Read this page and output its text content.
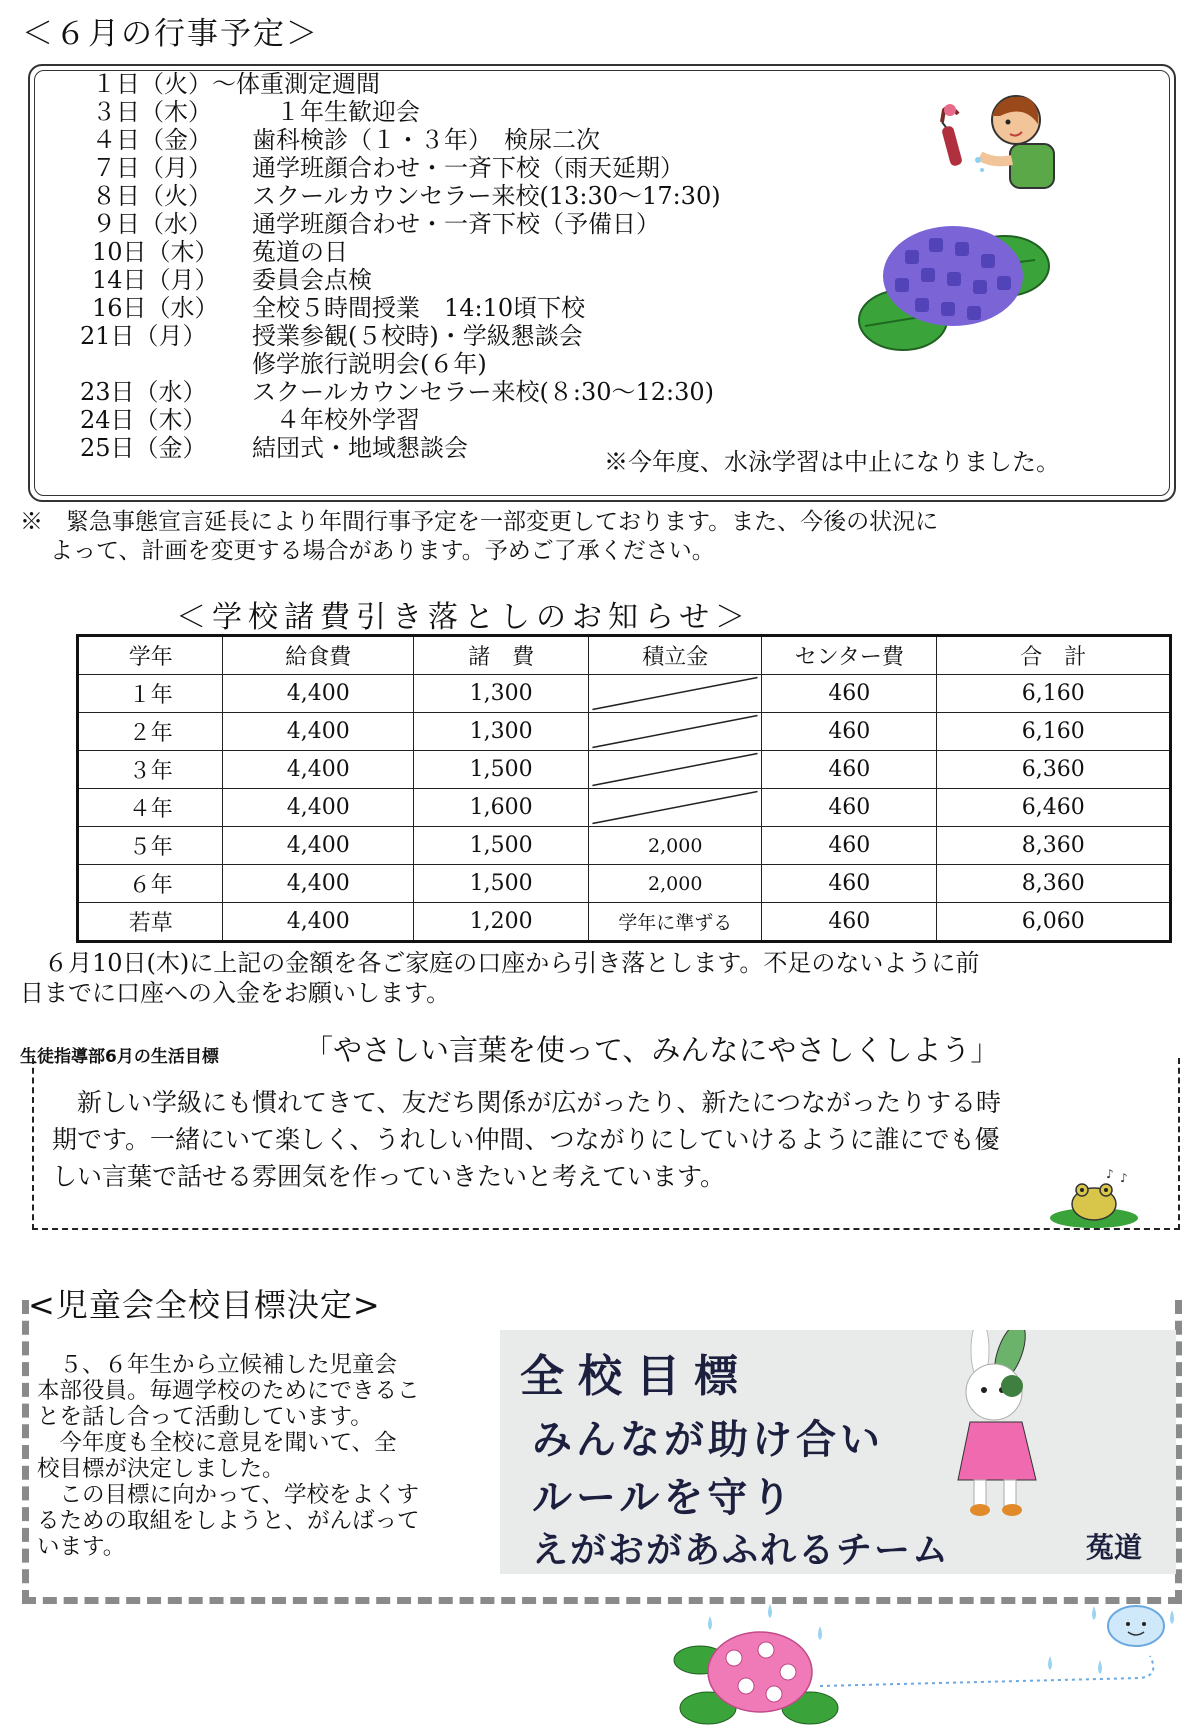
＜６月の行事予定＞
１日（火） ～体重測定週間
３日（木）	　１年生歓迎会
４日（金）	歯科検診（１・３年）　検尿二次
７日（月）	通学班顔合わせ・一斉下校（雨天延期）
８日（火）	スクールカウンセラー来校(13:30～17:30)
９日（水）	通学班顔合わせ・一斉下校（予備日）
10日（木）	菟道の日
14日（月）	委員会点検
16日（水）	全校５時間授業　14:10頃下校
21日（月）	授業参観(５校時)・学級懇談会
修学旅行説明会(６年)
23日（水）	スクールカウンセラー来校(８:30～12:30)
24日（木）	　４年校外学習
25日（金）	結団式・地域懇談会	※今年度、水泳学習は中止になりました。
※　緊急事態宣言延長により年間行事予定を一部変更しております。また、今後の状況に
よって、計画を変更する場合があります。予めご了承ください。
＜学校諸費引き落としのお知らせ＞
学年	給食費	諸　費	積立金	センター費	合　計
１年	4,400	1,300		460	6,160
２年	4,400	1,300		460	6,160
３年	4,400	1,500		460	6,360
４年	4,400	1,600		460	6,460
５年	4,400	1,500	2,000	460	8,360
６年	4,400	1,500	2,000	460	8,360
若草	4,400	1,200	学年に準ずる	460	6,060
　６月10日(木)に上記の金額を各ご家庭の口座から引き落とします。不足のないように前
日までに口座への入金をお願いします。
生徒指導部6月の生活目標	「やさしい言葉を使って、みんなにやさしくしよう」
　新しい学級にも慣れてきて、友だち関係が広がったり、新たにつながったりする時
期です。一緒にいて楽しく、うれしい仲間、つながりにしていけるように誰にでも優
しい言葉で話せる雰囲気を作っていきたいと考えています。	♪ ♪
<児童会全校目標決定>
　５、６年生から立候補した児童会
本部役員。毎週学校のためにできるこ
とを話し合って活動しています。
　今年度も全校に意見を聞いて、全
校目標が決定しました。
　この目標に向かって、学校をよくす
るための取組をしようと、がんばって
います。
全校目標
みんなが助け合い
ルールを守り
えがおがあふれるチーム	菟道
